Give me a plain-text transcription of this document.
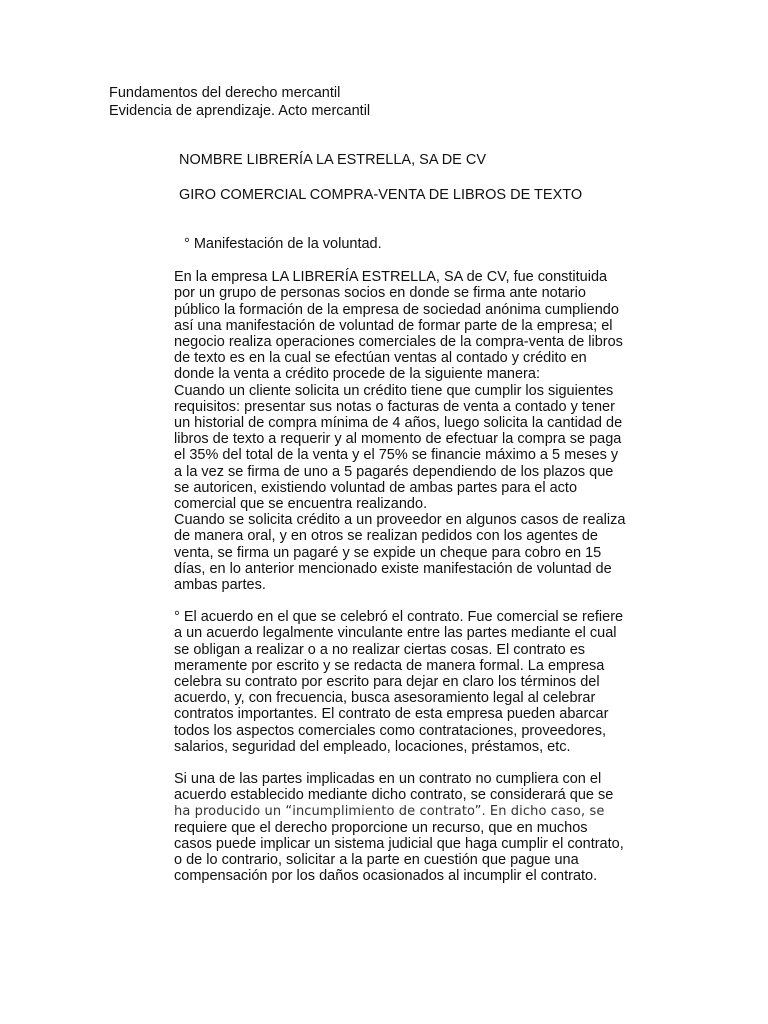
Fundamentos del derecho mercantil
Evidencia de aprendizaje. Acto mercantil
NOMBRE LIBRERÍA LA ESTRELLA, SA DE CV
GIRO COMERCIAL COMPRA-VENTA DE LIBROS DE TEXTO

° Manifestación de la voluntad.

En la empresa LA LIBRERÍA ESTRELLA, SA de CV, fue constituida
por un grupo de personas socios en donde se firma ante notario
público la formación de la empresa de sociedad anónima cumpliendo
así una manifestación de voluntad de formar parte de la empresa; el
negocio realiza operaciones comerciales de la compra-venta de libros
de texto es en la cual se efectúan ventas al contado y crédito en
donde la venta a crédito procede de la siguiente manera:

Cuando un cliente solicita un crédito tiene que cumplir los siguientes
requisitos: presentar sus notas o facturas de venta a contado y tener
un historial de compra mínima de 4 años, luego solicita la cantidad de
libros de texto a requerir y al momento de efectuar la compra se paga
el 35% del total de la venta y el 75% se financie máximo a 5 meses y
a la vez se firma de uno a 5 pagarés dependiendo de los plazos que
se autoricen, existiendo voluntad de ambas partes para el acto
comercial que se encuentra realizando.

Cuando se solicita crédito a un proveedor en algunos casos de realiza
de manera oral, y en otros se realizan pedidos con los agentes de
venta, se firma un pagaré y se expide un cheque para cobro en 15
días, en lo anterior mencionado existe manifestación de voluntad de
ambas partes.

° El acuerdo en el que se celebró el contrato. Fue comercial se refiere
a un acuerdo legalmente vinculante entre las partes mediante el cual
se obligan a realizar o a no realizar ciertas cosas. El contrato es
meramente por escrito y se redacta de manera formal. La empresa
celebra su contrato por escrito para dejar en claro los términos del
acuerdo, y, con frecuencia, busca asesoramiento legal al celebrar
contratos importantes. El contrato de esta empresa pueden abarcar
todos los aspectos comerciales como contrataciones, proveedores,
salarios, seguridad del empleado, locaciones, préstamos, etc.

Si una de las partes implicadas en un contrato no cumpliera con el
acuerdo establecido mediante dicho contrato, se considerará que se
ha producido un “incumplimiento de contrato”. En dicho caso, se
requiere que el derecho proporcione un recurso, que en muchos
casos puede implicar un sistema judicial que haga cumplir el contrato,
o de lo contrario, solicitar a la parte en cuestión que pague una
compensación por los daños ocasionados al incumplir el contrato.
